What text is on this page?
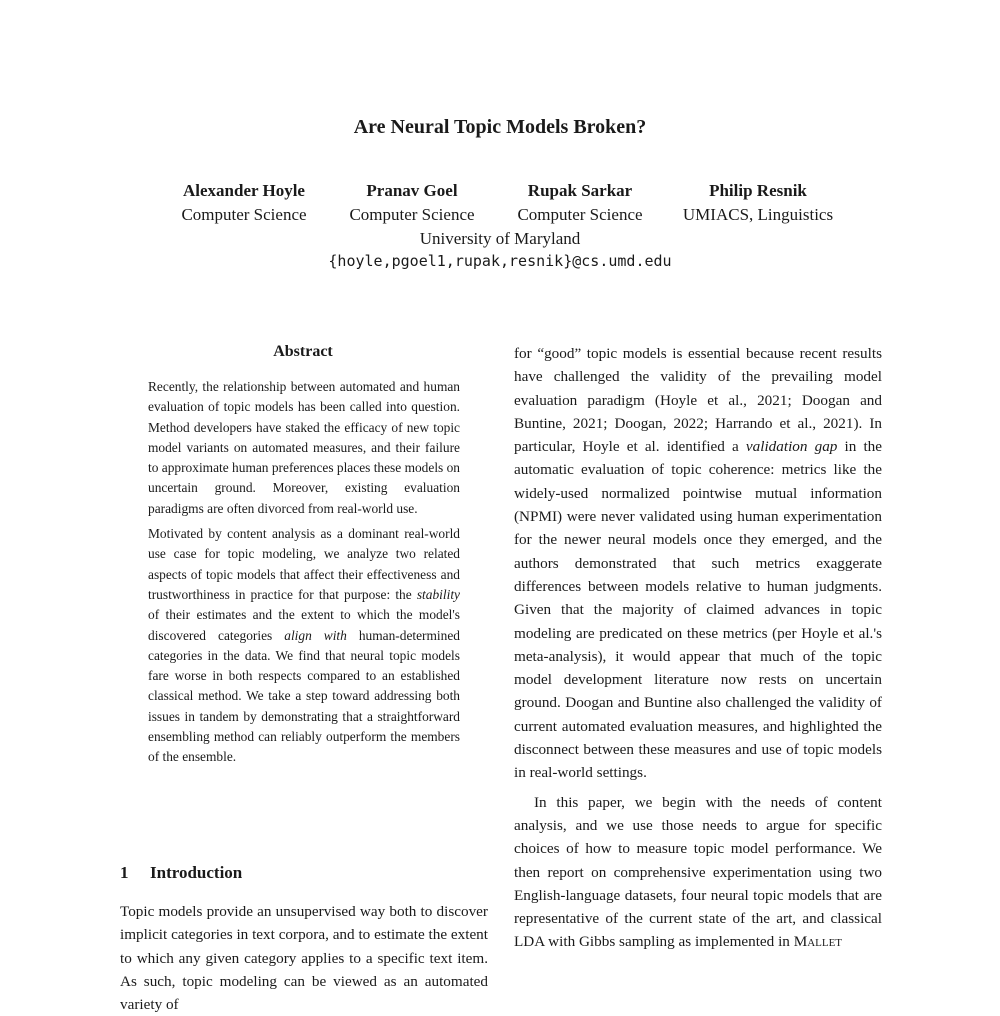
Are Neural Topic Models Broken?
Alexander Hoyle
Computer Science
Pranav Goel
Computer Science
Rupak Sarkar
Computer Science
Philip Resnik
UMIACS, Linguistics
University of Maryland
{hoyle,pgoel1,rupak,resnik}@cs.umd.edu
Abstract

Recently, the relationship between automated and human evaluation of topic models has been called into question. Method developers have staked the efficacy of new topic model variants on automated measures, and their failure to approximate human preferences places these models on uncertain ground. Moreover, existing evaluation paradigms are often divorced from real-world use.

Motivated by content analysis as a dominant real-world use case for topic modeling, we analyze two related aspects of topic models that affect their effectiveness and trustworthiness in practice for that purpose: the stability of their estimates and the extent to which the model's discovered categories align with human-determined categories in the data. We find that neural topic models fare worse in both respects compared to an established classical method. We take a step toward addressing both issues in tandem by demonstrating that a straightforward ensembling method can reliably outperform the members of the ensemble.

1 Introduction

Topic models provide an unsupervised way both to discover implicit categories in text corpora, and to estimate the extent to which any given category applies to a specific text item. As such, topic modeling can be viewed as an automated variety of

for “good” topic models is essential because recent results have challenged the validity of the prevailing model evaluation paradigm (Hoyle et al., 2021; Doogan and Buntine, 2021; Doogan, 2022; Harrando et al., 2021). In particular, Hoyle et al. identified a validation gap in the automatic evaluation of topic coherence: metrics like the widely-used normalized pointwise mutual information (NPMI) were never validated using human experimentation for the newer neural models once they emerged, and the authors demonstrated that such metrics exaggerate differences between models relative to human judgments. Given that the majority of claimed advances in topic modeling are predicated on these metrics (per Hoyle et al.'s meta-analysis), it would appear that much of the topic model development literature now rests on uncertain ground. Doogan and Buntine also challenged the validity of current automated evaluation measures, and highlighted the disconnect between these measures and use of topic models in real-world settings.

In this paper, we begin with the needs of content analysis, and we use those needs to argue for specific choices of how to measure topic model performance. We then report on comprehensive experimentation using two English-language datasets, four neural topic models that are representative of the current state of the art, and classical LDA with Gibbs sampling as implemented in Mallet
